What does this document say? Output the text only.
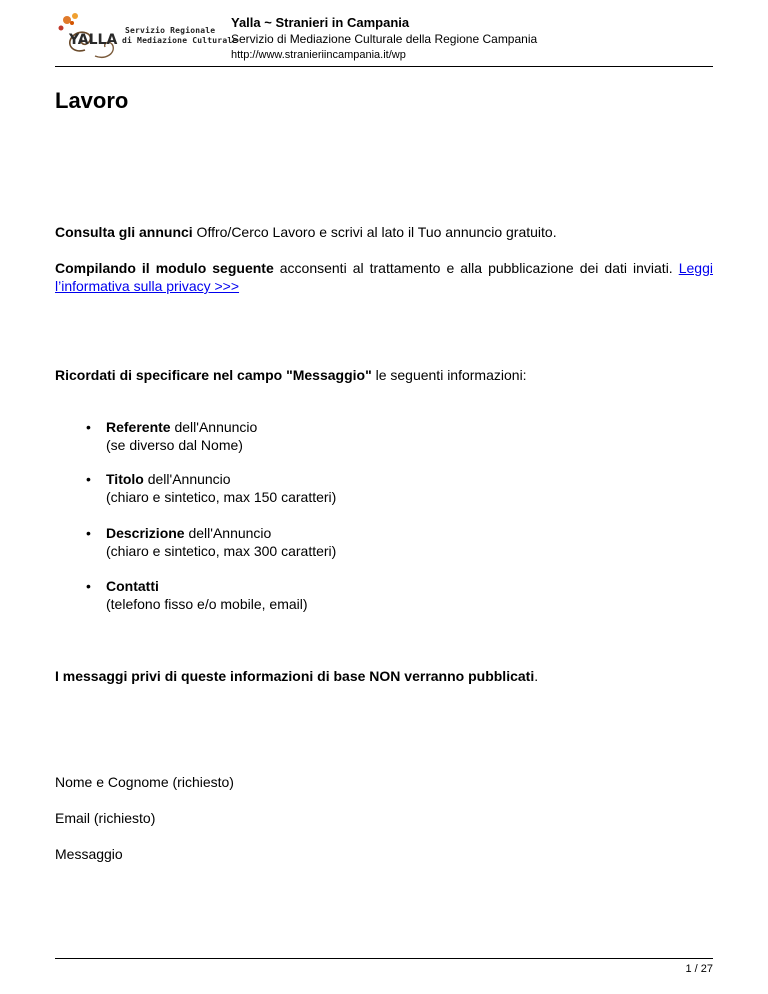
YALLA
Servizio Regionale
di Mediazione Culturale
Yalla ~ Stranieri in Campania
Servizio di Mediazione Culturale della Regione Campania
http://www.stranieriincampania.it/wp
Lavoro

Consulta gli annunci Offro/Cerco Lavoro e scrivi al lato il Tuo annuncio gratuito.

Compilando il modulo seguente acconsenti al trattamento e alla pubblicazione dei dati inviati. Leggi l’informativa sulla privacy >>>

Ricordati di specificare nel campo "Messaggio" le seguenti informazioni:

• Referente dell'Annuncio
(se diverso dal Nome)
• Titolo dell'Annuncio
(chiaro e sintetico, max 150 caratteri)
• Descrizione dell'Annuncio
(chiaro e sintetico, max 300 caratteri)
• Contatti
(telefono fisso e/o mobile, email)

I messaggi privi di queste informazioni di base NON verranno pubblicati.

Nome e Cognome (richiesto)

Email (richiesto)

Messaggio

1 / 27
